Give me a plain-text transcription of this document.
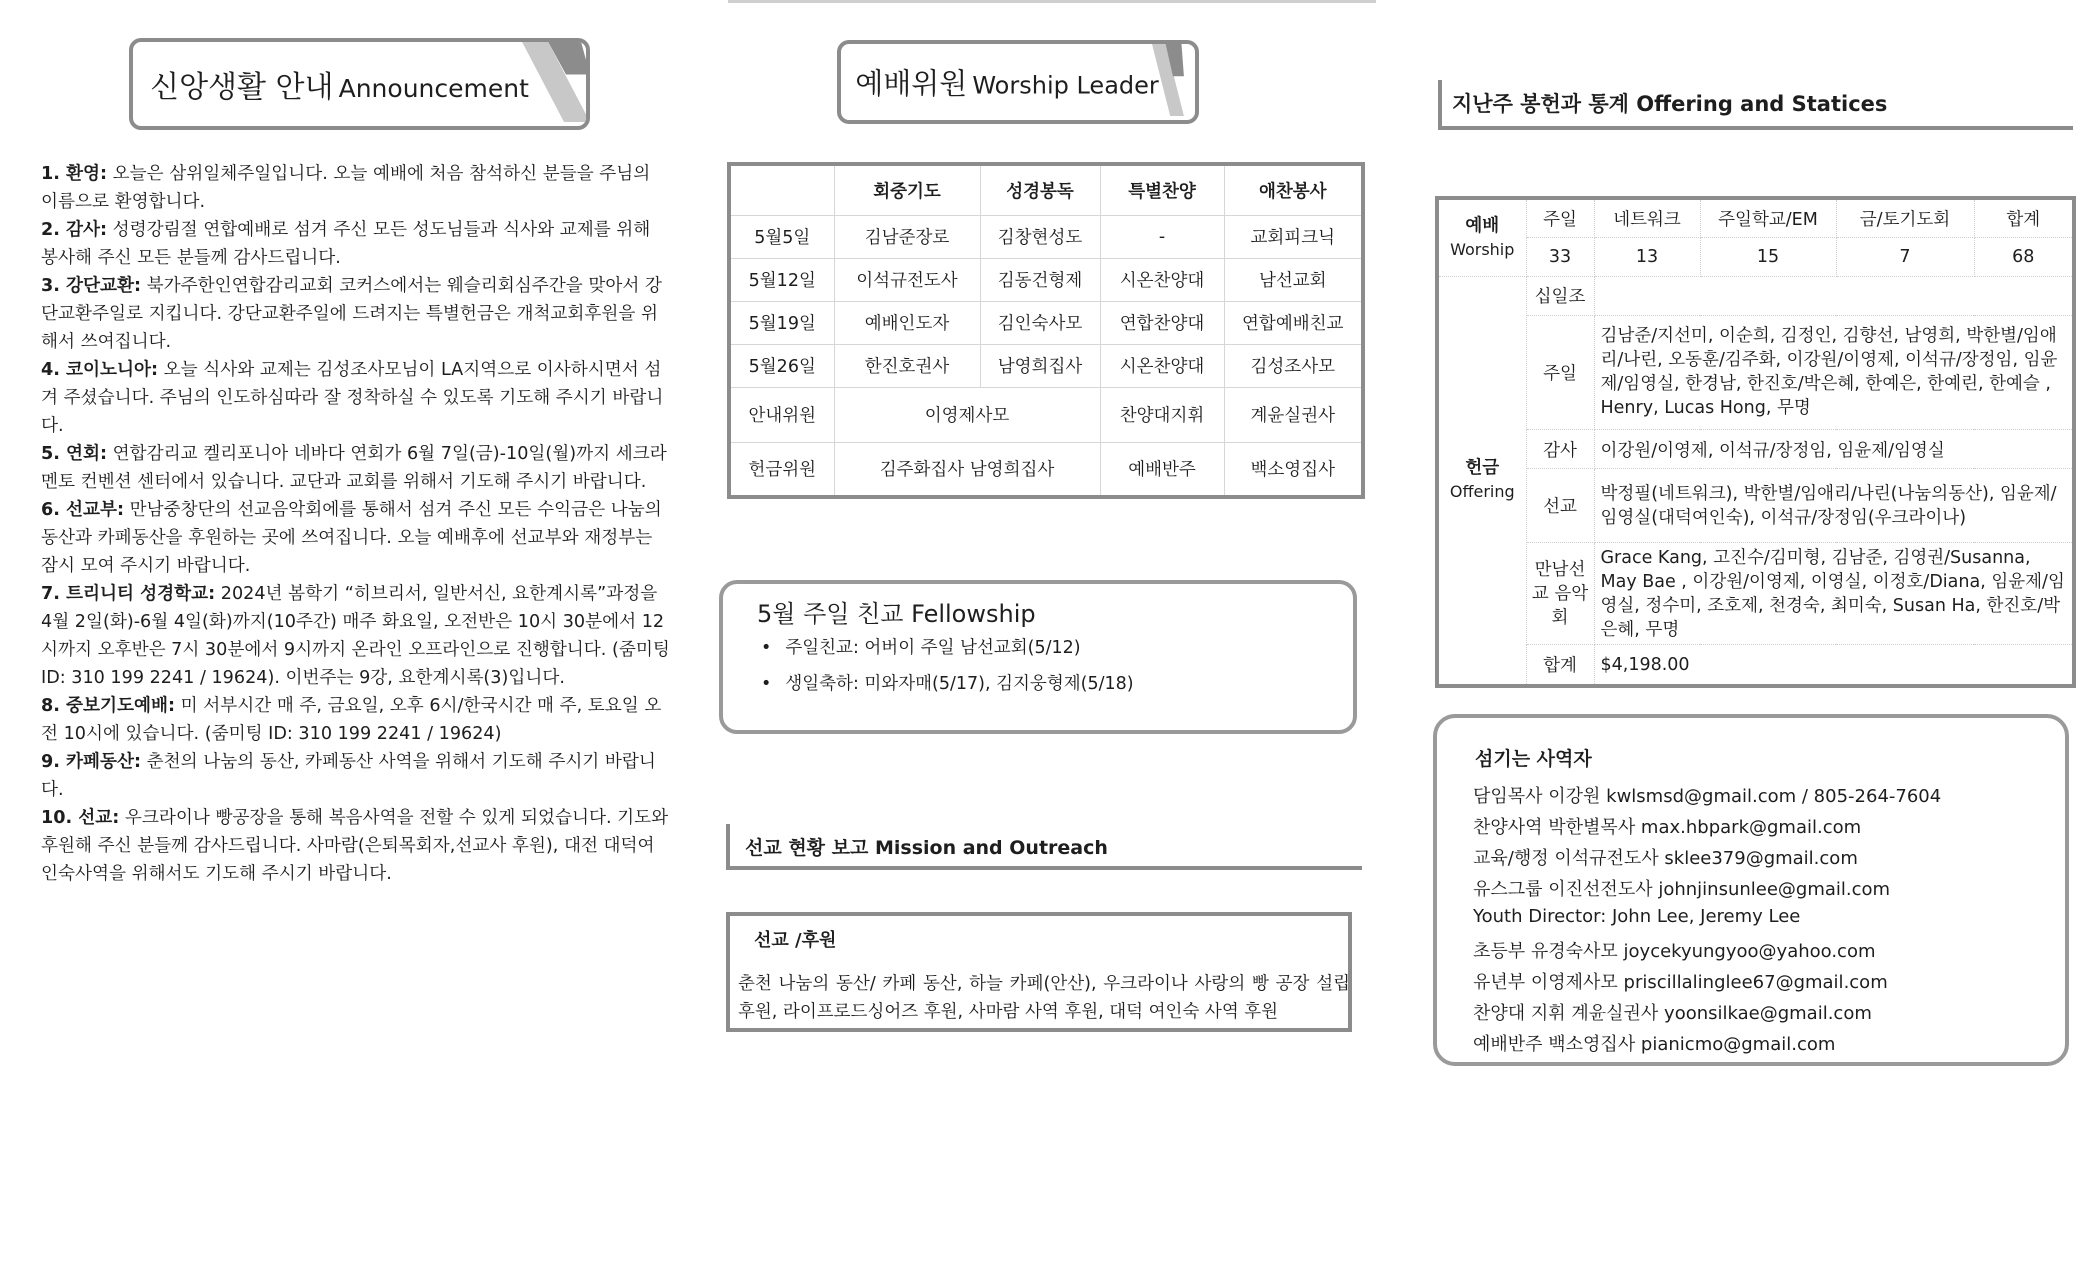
신앙생활 안내 Announcement

1. 환영: 오늘은 삼위일체주일입니다. 오늘 예배에 처음 참석하신 분들을 주님의 이름으로 환영합니다.

2. 감사: 성령강림절 연합예배로 섬겨 주신 모든 성도님들과 식사와 교제를 위해 봉사해 주신 모든 분들께 감사드립니다.

3. 강단교환: 북가주한인연합감리교회 코커스에서는 웨슬리회심주간을 맞아서 강단교환주일로 지킵니다. 강단교환주일에 드려지는 특별헌금은 개척교회후원을 위해서 쓰여집니다.

4. 코이노니아: 오늘 식사와 교제는 김성조사모님이 LA지역으로 이사하시면서 섬겨 주셨습니다. 주님의 인도하심따라 잘 정착하실 수 있도록 기도해 주시기 바랍니다.

5. 연회: 연합감리교 켈리포니아 네바다 연회가 6월 7일(금)-10일(월)까지 세크라멘토 컨벤션 센터에서 있습니다. 교단과 교회를 위해서 기도해 주시기 바랍니다.

6. 선교부: 만남중창단의 선교음악회에를 통해서 섬겨 주신 모든 수익금은 나눔의 동산과 카페동산을 후원하는 곳에 쓰여집니다. 오늘 예배후에 선교부와 재정부는 잠시 모여 주시기 바랍니다.

7. 트리니티 성경학교: 2024년 봄학기 “히브리서, 일반서신, 요한계시록”과정을 4월 2일(화)-6월 4일(화)까지(10주간) 매주 화요일, 오전반은 10시 30분에서 12시까지 오후반은 7시 30분에서 9시까지 온라인 오프라인으로 진행합니다. (줌미팅 ID: 310 199 2241 / 19624). 이번주는 9강, 요한계시록(3)입니다.

8. 중보기도예배: 미 서부시간 매 주, 금요일, 오후 6시/한국시간 매 주, 토요일 오전 10시에 있습니다. (줌미팅 ID: 310 199 2241 / 19624)

9. 카페동산: 춘천의 나눔의 동산, 카페동산 사역을 위해서 기도해 주시기 바랍니다.

10. 선교: 우크라이나 빵공장을 통해 복음사역을 전할 수 있게 되었습니다. 기도와 후원해 주신 분들께 감사드립니다. 사마람(은퇴목회자,선교사 후원), 대전 대덕여인숙사역을 위해서도 기도해 주시기 바랍니다.

예배위원 Worship Leader
	회중기도	성경봉독	특별찬양	애찬봉사
5월5일	김남준장로	김창현성도	-	교회피크닉
5월12일	이석규전도사	김동건형제	시온찬양대	남선교회
5월19일	예배인도자	김인숙사모	연합찬양대	연합예배친교
5월26일	한진호권사	남영희집사	시온찬양대	김성조사모
안내위원	이영제사모		찬양대지휘	계윤실권사
헌금위원	김주화집사 남영희집사		예배반주	백소영집사
5월 주일 친교 Fellowship
• 주일친교: 어버이 주일 남선교회(5/12)
• 생일축하: 미와자매(5/17), 김지웅형제(5/18)
선교 현황 보고 Mission and Outreach
선교 /후원
춘천 나눔의 동산/ 카페 동산, 하늘 카페(안산), 우크라이나 사랑의 빵 공장 설립 후원, 라이프로드싱어즈 후원, 사마람 사역 후원, 대덕 여인숙 사역 후원
지난주 봉헌과 통계 Offering and Statices
예배
Worship	주일	네트워크	주일학교/EM	금/토기도회	합계
	33	13	15	7	68

헌금
Offering	십일조				
	주일	김남준/지선미, 이순희, 김정인, 김향선, 남영희, 박한별/임애리/나린, 오동훈/김주화, 이강원/이영제, 이석규/장정임, 임윤제/임영실, 한경남, 한진호/박은혜, 한예은, 한예린, 한예슬 , Henry, Lucas Hong, 무명			
	감사	이강원/이영제, 이석규/장정임, 임윤제/임영실			
	선교	박정필(네트워크), 박한별/임애리/나린(나눔의동산), 임윤제/임영실(대덕여인숙), 이석규/장정임(우크라이나)			
	만남선교 음악회	Grace Kang, 고진수/김미형, 김남준, 김영권/Susanna, May Bae , 이강원/이영제, 이영실, 이정호/Diana, 임윤제/임영실, 정수미, 조호제, 천경숙, 최미숙, Susan Ha, 한진호/박은혜, 무명			
	합계	$4,198.00			
섬기는 사역자
담임목사 이강원 kwlsmsd@gmail.com / 805-264-7604
찬양사역 박한별목사 max.hbpark@gmail.com
교육/행정 이석규전도사 sklee379@gmail.com
유스그룹 이진선전도사 johnjinsunlee@gmail.com
Youth Director: John Lee, Jeremy Lee
초등부 유경숙사모 joycekyungyoo@yahoo.com
유년부 이영제사모 priscillalinglee67@gmail.com
찬양대 지휘 계윤실권사 yoonsilkae@gmail.com
예배반주 백소영집사 pianicmo@gmail.com
